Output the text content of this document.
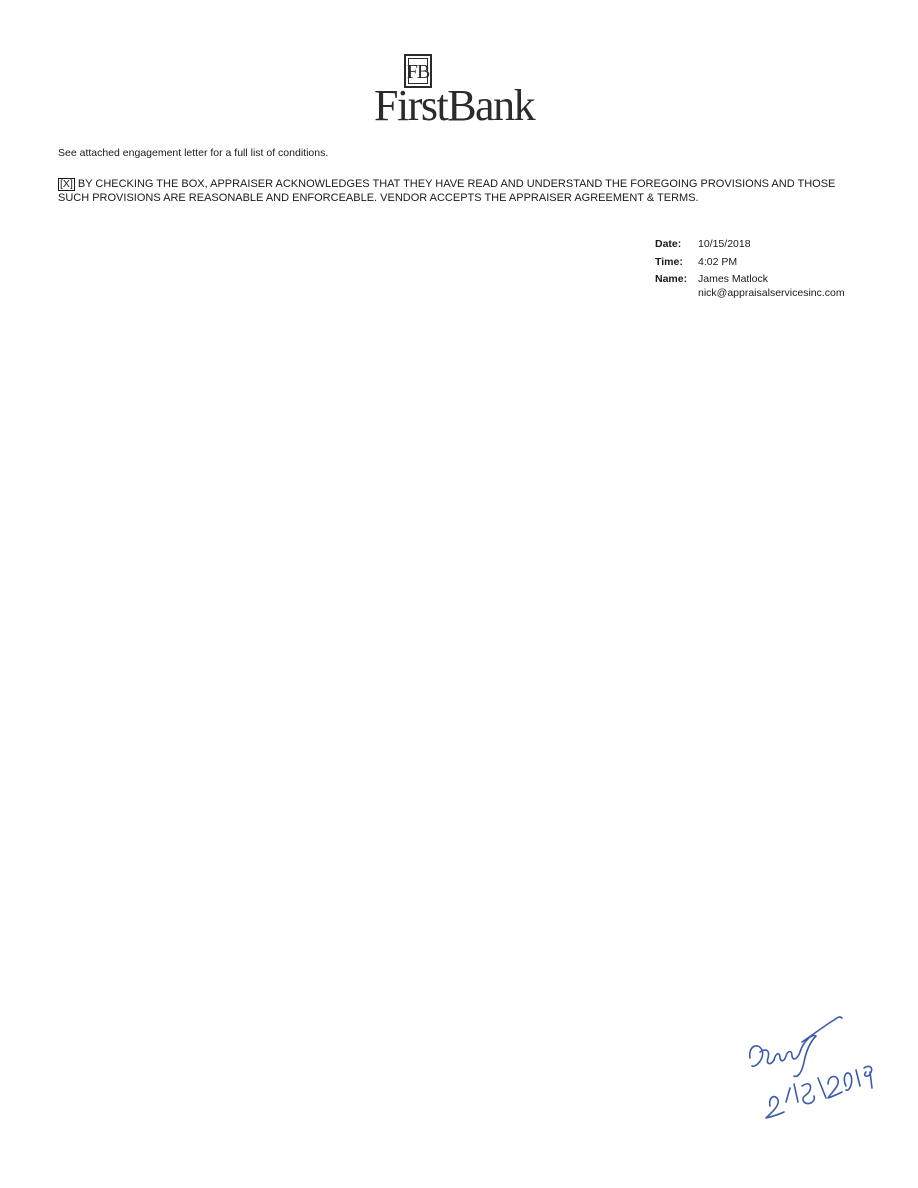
FB
FirstBank
See attached engagement letter for a full list of conditions.
[X] BY CHECKING THE BOX, APPRAISER ACKNOWLEDGES THAT THEY HAVE READ AND UNDERSTAND THE FOREGOING PROVISIONS AND THOSE SUCH PROVISIONS ARE REASONABLE AND ENFORCEABLE. VENDOR ACCEPTS THE APPRAISER AGREEMENT & TERMS.
Date:	10/15/2018
Time:	4:02 PM
Name:	James Matlock
nick@appraisalservicesinc.com
